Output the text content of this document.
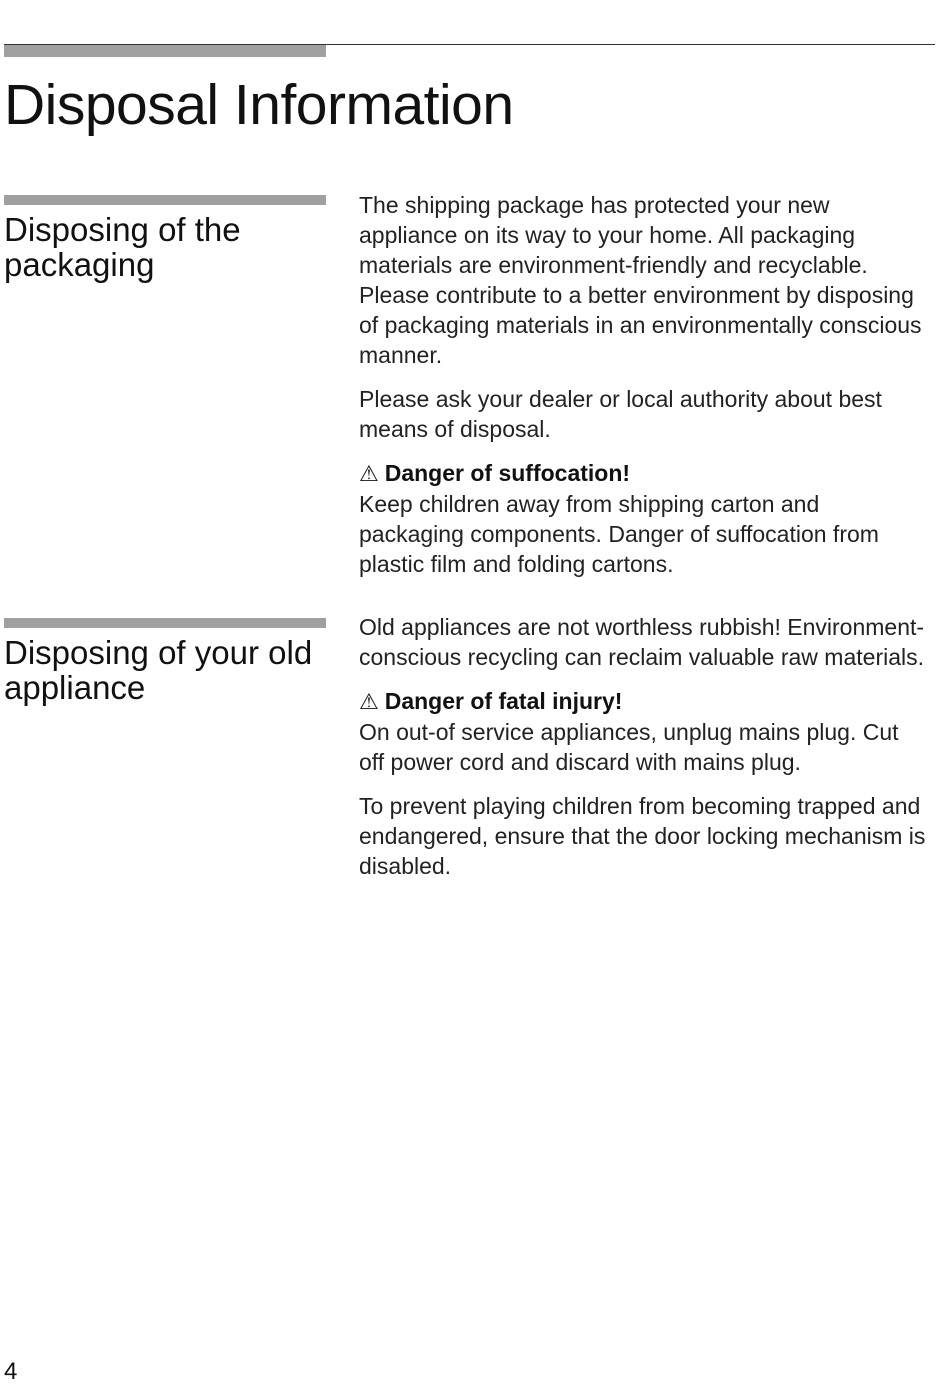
Disposal Information
Disposing of the packaging

The shipping package has protected your new appliance on its way to your home. All packaging materials are environment-friendly and recyclable. Please contribute to a better environment by disposing of packaging materials in an environmentally conscious manner.

Please ask your dealer or local authority about best means of disposal.

⚠ Danger of suffocation!

Keep children away from shipping carton and packaging components. Danger of suffocation from plastic film and folding cartons.

Disposing of your old appliance

Old appliances are not worthless rubbish! Environment-conscious recycling can reclaim valuable raw materials.

⚠ Danger of fatal injury!

On out-of service appliances, unplug mains plug. Cut off power cord and discard with mains plug.

To prevent playing children from becoming trapped and endangered, ensure that the door locking mechanism is disabled.

4
